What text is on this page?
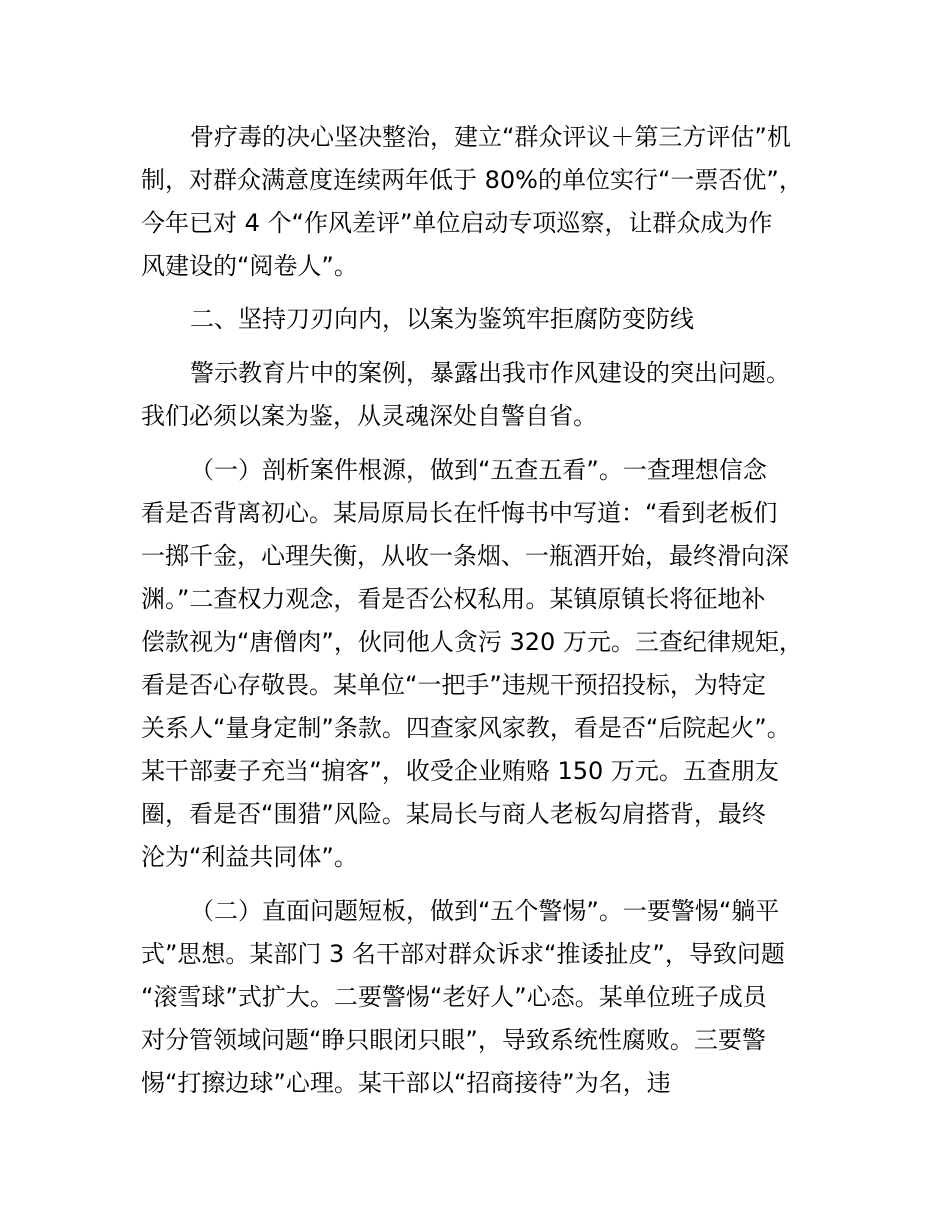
骨疗毒的决心坚决整治，建立“群众评议＋第三方评估”机
制，对群众满意度连续两年低于 80%的单位实行“一票否优”，
今年已对 4 个“作风差评”单位启动专项巡察，让群众成为作
风建设的“阅卷人”。
二、坚持刀刃向内，以案为鉴筑牢拒腐防变防线
警示教育片中的案例，暴露出我市作风建设的突出问题。
我们必须以案为鉴，从灵魂深处自警自省。
（一）剖析案件根源，做到“五查五看”。一查理想信念
看是否背离初心。某局原局长在忏悔书中写道：“看到老板们
一掷千金，心理失衡，从收一条烟、一瓶酒开始，最终滑向深
渊。”二查权力观念，看是否公权私用。某镇原镇长将征地补
偿款视为“唐僧肉”，伙同他人贪污 320 万元。三查纪律规矩，
看是否心存敬畏。某单位“一把手”违规干预招投标，为特定
关系人“量身定制”条款。四查家风家教，看是否“后院起火”。
某干部妻子充当“掮客”，收受企业贿赂 150 万元。五查朋友
圈，看是否“围猎”风险。某局长与商人老板勾肩搭背，最终
沦为“利益共同体”。
（二）直面问题短板，做到“五个警惕”。一要警惕“躺平
式”思想。某部门 3 名干部对群众诉求“推诿扯皮”，导致问题
“滚雪球”式扩大。二要警惕“老好人”心态。某单位班子成员
对分管领域问题“睁只眼闭只眼”，导致系统性腐败。三要警
惕“打擦边球”心理。某干部以“招商接待”为名，违
